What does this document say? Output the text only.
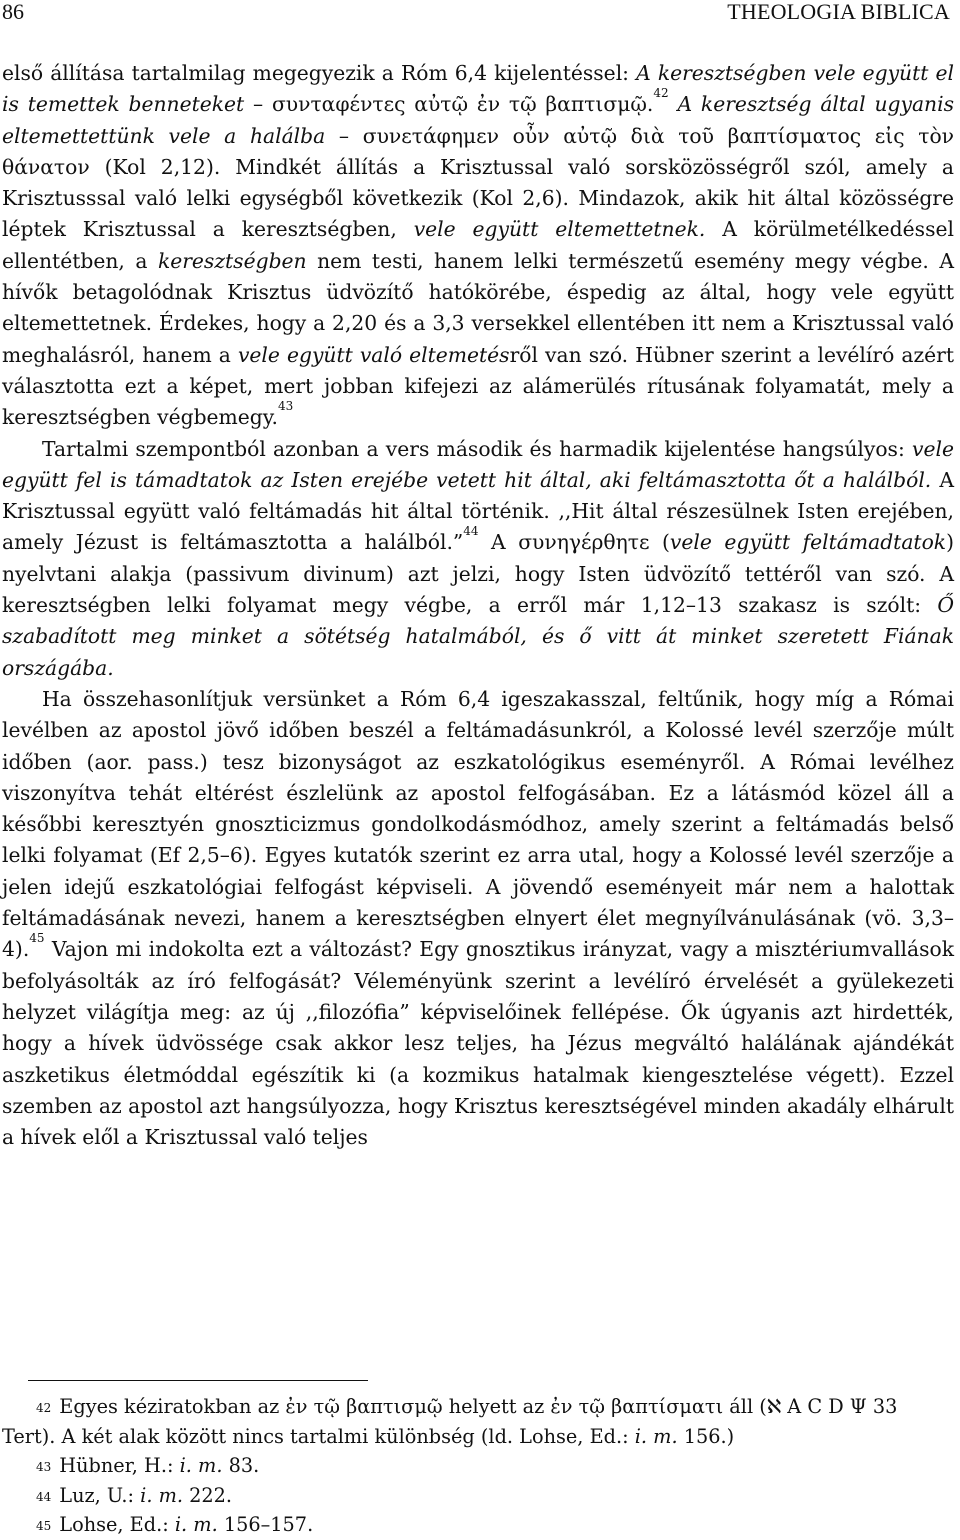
86	THEOLOGIA BIBLICA

első állítása tartalmilag megegyezik a Róm 6,4 kijelentéssel: A keresztségben vele együtt el is temettek benneteket – συνταφέντες αὐτῷ ἐν τῷ βαπτισμῷ.$^{42}$ A keresztség által ugyanis eltemettettünk vele a halálba – συνετάφημεν οὖν αὐτῷ διὰ τοῦ βαπτίσματος εἰς τὸν θάνατον (Kol 2,12). Mindkét állítás a Krisztussal való sorsközösségről szól, amely a Krisztusssal való lelki egységből következik (Kol 2,6). Mindazok, akik hit által közösségre léptek Krisztussal a keresztségben, vele együtt eltemettetnek. A körülmetélkedéssel ellentétben, a keresztségben nem testi, hanem lelki természetű esemény megy végbe. A hívők betagolódnak Krisztus üdvözítő hatókörébe, éspedig az által, hogy vele együtt eltemettetnek. Érdekes, hogy a 2,20 és a 3,3 versekkel ellentében itt nem a Krisztussal való meghalásról, hanem a vele együtt való eltemetésről van szó. Hübner szerint a levélíró azért választotta ezt a képet, mert jobban kifejezi az alámerülés rítusának folyamatát, mely a keresztségben végbemegy.$^{43}$

Tartalmi szempontból azonban a vers második és harmadik kijelentése hangsúlyos: vele együtt fel is támadtatok az Isten erejébe vetett hit által, aki feltámasztotta őt a halálból. A Krisztussal együtt való feltámadás hit által történik. ,,Hit által részesülnek Isten erejében, amely Jézust is feltámasztotta a halálból.”$^{44}$ A συνηγέρθητε (vele együtt feltámadtatok) nyelvtani alakja (passivum divinum) azt jelzi, hogy Isten üdvözítő tettéről van szó. A keresztségben lelki folyamat megy végbe, a erről már 1,12–13 szakasz is szólt: Ő szabadított meg minket a sötétség hatalmából, és ő vitt át minket szeretett Fiának országába.

Ha összehasonlítjuk versünket a Róm 6,4 igeszakasszal, feltűnik, hogy míg a Római levélben az apostol jövő időben beszél a feltámadásunkról, a Kolossé levél szerzője múlt időben (aor. pass.) tesz bizonyságot az eszkatológikus eseményről. A Római levélhez viszonyítva tehát eltérést észlelünk az apostol felfogásában. Ez a látásmód közel áll a későbbi keresztyén gnoszticizmus gondolkodásmódhoz, amely szerint a feltámadás belső lelki folyamat (Ef 2,5–6). Egyes kutatók szerint ez arra utal, hogy a Kolossé levél szerzője a jelen idejű eszkatológiai felfogást képviseli. A jövendő eseményeit már nem a halottak feltámadásának nevezi, hanem a keresztségben elnyert élet megnyílvánulásának (vö. 3,3–4).$^{45}$ Vajon mi indokolta ezt a változást? Egy gnosztikus irányzat, vagy a misztériumvallások befolyásolták az író felfogását? Véleményünk szerint a levélíró érvelését a gyülekezeti helyzet világítja meg: az új ,,filozófia” képviselőinek fellépése. Ők úgyanis azt hirdették, hogy a hívek üdvössége csak akkor lesz teljes, ha Jézus megváltó halálának ajándékát aszketikus életmóddal egészítik ki (a kozmikus hatalmak kiengesztelése végett). Ezzel szemben az apostol azt hangsúlyozza, hogy Krisztus keresztségével minden akadály elhárult a hívek elől a Krisztussal való teljes

$^{42}$ Egyes kéziratokban az ἐν τῷ βαπτισμῷ helyett az ἐν τῷ βαπτίσματι áll (ℵ A C D Ψ 33 Tert). A két alak között nincs tartalmi különbség (ld. Lohse, Ed.: i. m. 156.)

$^{43}$ Hübner, H.: i. m. 83.

$^{44}$ Luz, U.: i. m. 222.

$^{45}$ Lohse, Ed.: i. m. 156–157.
